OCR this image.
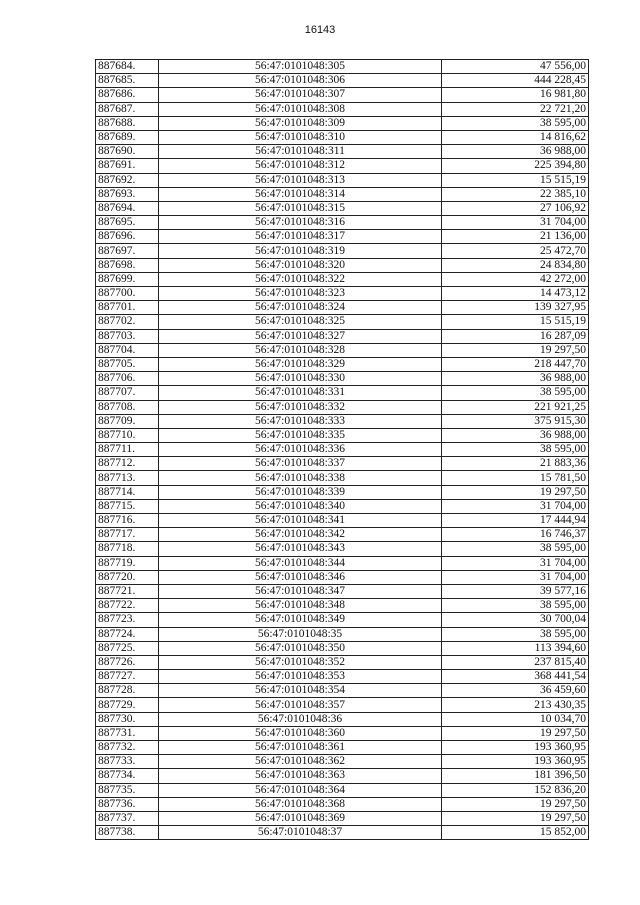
16143
887684.	56:47:0101048:305	47 556,00
887685.	56:47:0101048:306	444 228,45
887686.	56:47:0101048:307	16 981,80
887687.	56:47:0101048:308	22 721,20
887688.	56:47:0101048:309	38 595,00
887689.	56:47:0101048:310	14 816,62
887690.	56:47:0101048:311	36 988,00
887691.	56:47:0101048:312	225 394,80
887692.	56:47:0101048:313	15 515,19
887693.	56:47:0101048:314	22 385,10
887694.	56:47:0101048:315	27 106,92
887695.	56:47:0101048:316	31 704,00
887696.	56:47:0101048:317	21 136,00
887697.	56:47:0101048:319	25 472,70
887698.	56:47:0101048:320	24 834,80
887699.	56:47:0101048:322	42 272,00
887700.	56:47:0101048:323	14 473,12
887701.	56:47:0101048:324	139 327,95
887702.	56:47:0101048:325	15 515,19
887703.	56:47:0101048:327	16 287,09
887704.	56:47:0101048:328	19 297,50
887705.	56:47:0101048:329	218 447,70
887706.	56:47:0101048:330	36 988,00
887707.	56:47:0101048:331	38 595,00
887708.	56:47:0101048:332	221 921,25
887709.	56:47:0101048:333	375 915,30
887710.	56:47:0101048:335	36 988,00
887711.	56:47:0101048:336	38 595,00
887712.	56:47:0101048:337	21 883,36
887713.	56:47:0101048:338	15 781,50
887714.	56:47:0101048:339	19 297,50
887715.	56:47:0101048:340	31 704,00
887716.	56:47:0101048:341	17 444,94
887717.	56:47:0101048:342	16 746,37
887718.	56:47:0101048:343	38 595,00
887719.	56:47:0101048:344	31 704,00
887720.	56:47:0101048:346	31 704,00
887721.	56:47:0101048:347	39 577,16
887722.	56:47:0101048:348	38 595,00
887723.	56:47:0101048:349	30 700,04
887724.	56:47:0101048:35	38 595,00
887725.	56:47:0101048:350	113 394,60
887726.	56:47:0101048:352	237 815,40
887727.	56:47:0101048:353	368 441,54
887728.	56:47:0101048:354	36 459,60
887729.	56:47:0101048:357	213 430,35
887730.	56:47:0101048:36	10 034,70
887731.	56:47:0101048:360	19 297,50
887732.	56:47:0101048:361	193 360,95
887733.	56:47:0101048:362	193 360,95
887734.	56:47:0101048:363	181 396,50
887735.	56:47:0101048:364	152 836,20
887736.	56:47:0101048:368	19 297,50
887737.	56:47:0101048:369	19 297,50
887738.	56:47:0101048:37	15 852,00
